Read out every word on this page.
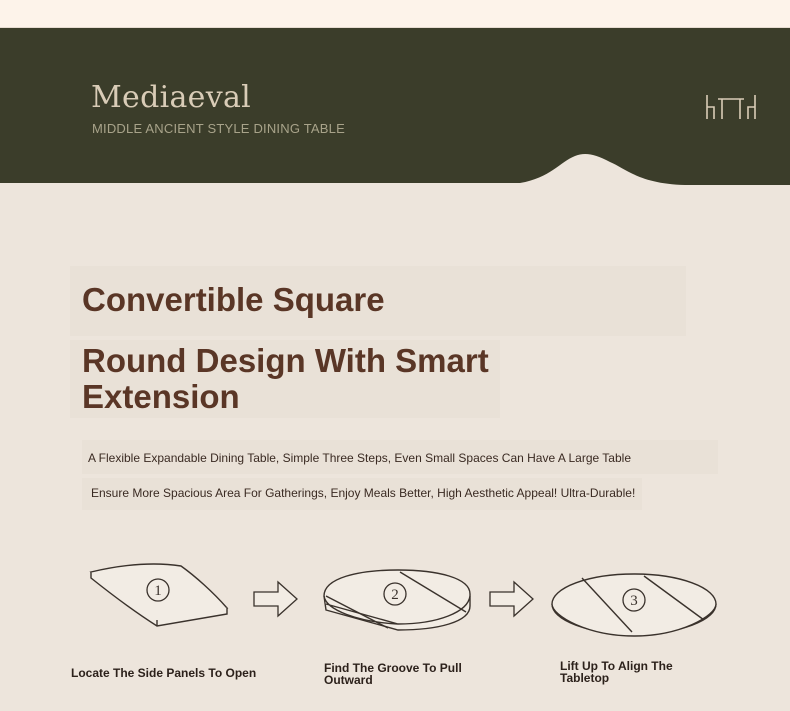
Mediaeval
MIDDLE ANCIENT STYLE DINING TABLE
Convertible Square
Round Design With Smart Extension
A Flexible Expandable Dining Table, Simple Three Steps, Even Small Spaces Can Have A Large Table
Ensure More Spacious Area For Gatherings, Enjoy Meals Better, High Aesthetic Appeal! Ultra-Durable!
1	2	3
Locate The Side Panels To Open	Find The Groove To Pull Outward
Lift Up To Align The Tabletop
